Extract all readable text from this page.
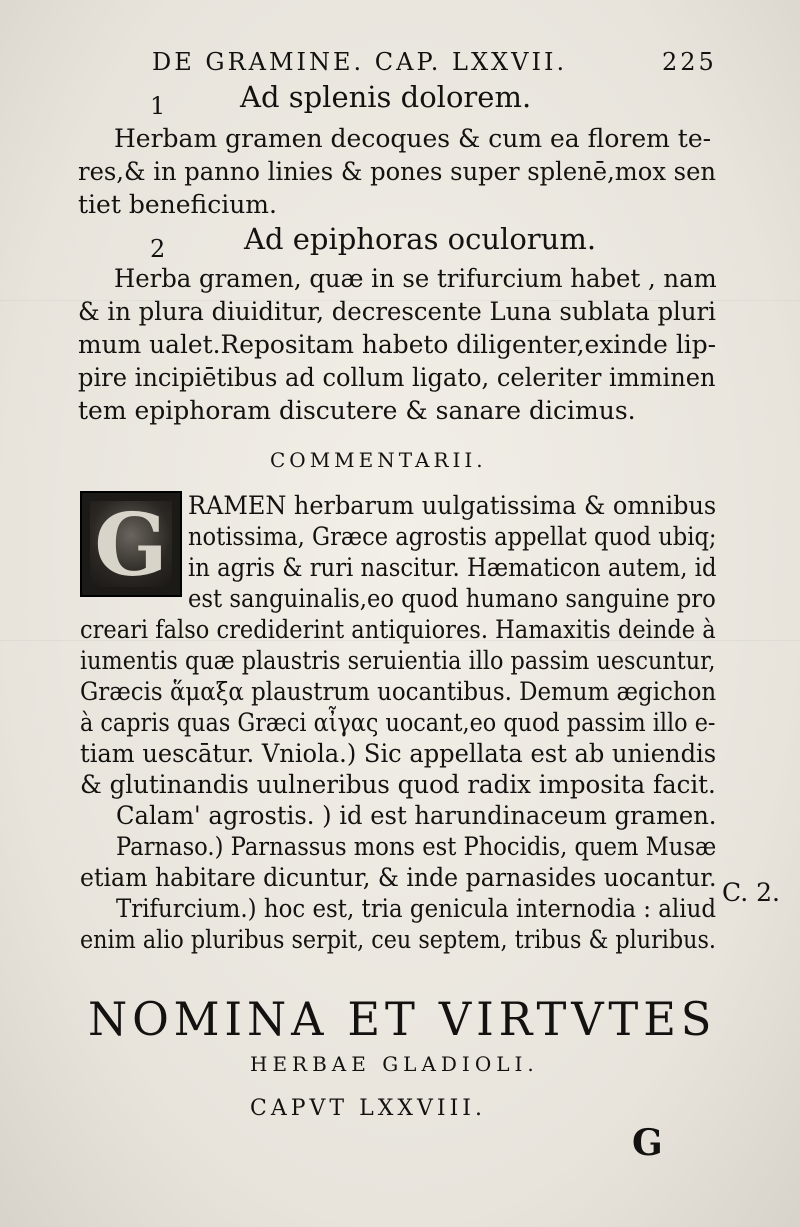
DE GRAMINE. CAP. LXXVII.	225
1	Ad splenis dolorem.
Herbam gramen decoques & cum ea florem te-
res,& in panno linies & pones super splenē,mox sen
tiet beneficium.
2	Ad epiphoras oculorum.
Herba gramen, quæ in se trifurcium habet , nam
& in plura diuiditur, decrescente Luna sublata pluri
mum ualet.Repositam habeto diligenter,exinde lip-
pire incipiētibus ad collum ligato, celeriter imminen
tem epiphoram discutere & sanare dicimus.
COMMENTARII.
G RAMEN herbarum uulgatissima & omnibus
notissima, Græce agrostis appellat quod ubiq;
in agris & ruri nascitur. Hæmaticon autem, id
est sanguinalis,eo quod humano sanguine pro
creari falso crediderint antiquiores. Hamaxitis deinde à
iumentis quæ plaustris seruientia illo passim uescuntur,
Græcis ἅμαξα plaustrum uocantibus. Demum ægichon
à capris quas Græci αἶγας uocant,eo quod passim illo e-
tiam uescātur. Vniola.) Sic appellata est ab uniendis
& glutinandis uulneribus quod radix imposita facit.
Calam' agrostis. ) id est harundinaceum gramen.
Parnaso.) Parnassus mons est Phocidis, quem Musæ
etiam habitare dicuntur, & inde parnasides uocantur.
Trifurcium.) hoc est, tria genicula internodia : aliud
enim alio pluribus serpit, ceu septem, tribus & pluribus.
C. 2.
NOMINA ET VIRTVTES
HERBAE GLADIOLI.
CAPVT LXXVIII.
G
